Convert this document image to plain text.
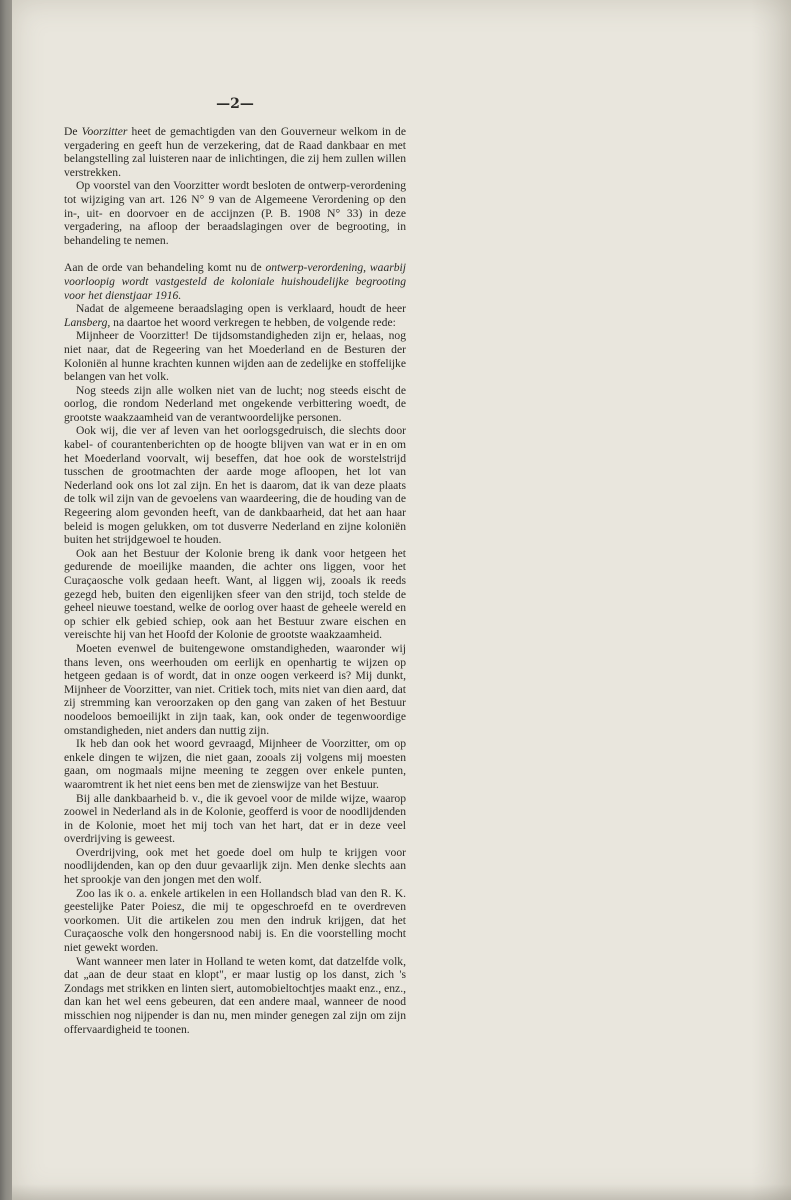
—2—

De Voorzitter heet de gemachtigden van den Gouverneur welkom in de vergadering en geeft hun de verzekering, dat de Raad dankbaar en met belangstelling zal luisteren naar de inlichtingen, die zij hem zullen willen verstrekken.

Op voorstel van den Voorzitter wordt besloten de ontwerp-verordening tot wijziging van art. 126 N° 9 van de Algemeene Verordening op den in-, uit- en doorvoer en de accijnzen (P. B. 1908 N° 33) in deze vergadering, na afloop der beraadslagingen over de begrooting, in behandeling te nemen.

Aan de orde van behandeling komt nu de ontwerp-verordening, waarbij voorloopig wordt vastgesteld de koloniale huishoudelijke begrooting voor het dienstjaar 1916.

Nadat de algemeene beraadslaging open is verklaard, houdt de heer Lansberg, na daartoe het woord verkregen te hebben, de volgende rede:

Mijnheer de Voorzitter! De tijdsomstandigheden zijn er, helaas, nog niet naar, dat de Regeering van het Moederland en de Besturen der Koloniën al hunne krachten kunnen wijden aan de zedelijke en stoffelijke belangen van het volk.

Nog steeds zijn alle wolken niet van de lucht; nog steeds eischt de oorlog, die rondom Nederland met ongekende verbittering woedt, de grootste waakzaamheid van de verantwoordelijke personen.

Ook wij, die ver af leven van het oorlogsgedruisch, die slechts door kabel- of courantenberichten op de hoogte blijven van wat er in en om het Moederland voorvalt, wij beseffen, dat hoe ook de worstelstrijd tusschen de grootmachten der aarde moge afloopen, het lot van Nederland ook ons lot zal zijn. En het is daarom, dat ik van deze plaats de tolk wil zijn van de gevoelens van waardeering, die de houding van de Regeering alom gevonden heeft, van de dankbaarheid, dat het aan haar beleid is mogen gelukken, om tot dusverre Nederland en zijne koloniën buiten het strijdgewoel te houden.

Ook aan het Bestuur der Kolonie breng ik dank voor hetgeen het gedurende de moeilijke maanden, die achter ons liggen, voor het Curaçaosche volk gedaan heeft. Want, al liggen wij, zooals ik reeds gezegd heb, buiten den eigenlijken sfeer van den strijd, toch stelde de geheel nieuwe toestand, welke de oorlog over haast de geheele wereld en op schier elk gebied schiep, ook aan het Bestuur zware eischen en vereischte hij van het Hoofd der Kolonie de grootste waakzaamheid.

Moeten evenwel de buitengewone omstandigheden, waaronder wij thans leven, ons weerhouden om eerlijk en openhartig te wijzen op hetgeen gedaan is of wordt, dat in onze oogen verkeerd is? Mij dunkt, Mijnheer de Voorzitter, van niet. Critiek toch, mits niet van dien aard, dat zij stremming kan veroorzaken op den gang van zaken of het Bestuur noodeloos bemoeilijkt in zijn taak, kan, ook onder de tegenwoordige omstandigheden, niet anders dan nuttig zijn.

Ik heb dan ook het woord gevraagd, Mijnheer de Voorzitter, om op enkele dingen te wijzen, die niet gaan, zooals zij volgens mij moesten gaan, om nogmaals mijne meening te zeggen over enkele punten, waaromtrent ik het niet eens ben met de zienswijze van het Bestuur.

Bij alle dankbaarheid b. v., die ik gevoel voor de milde wijze, waarop zoowel in Nederland als in de Kolonie, geofferd is voor de noodlijdenden in de Kolonie, moet het mij toch van het hart, dat er in deze veel overdrijving is geweest.

Overdrijving, ook met het goede doel om hulp te krijgen voor noodlijdenden, kan op den duur gevaarlijk zijn. Men denke slechts aan het sprookje van den jongen met den wolf.

Zoo las ik o. a. enkele artikelen in een Hollandsch blad van den R. K. geestelijke Pater Poiesz, die mij te opgeschroefd en te overdreven voorkomen. Uit die artikelen zou men den indruk krijgen, dat het Curaçaosche volk den hongersnood nabij is. En die voorstelling mocht niet gewekt worden.

Want wanneer men later in Holland te weten komt, dat datzelfde volk, dat „aan de deur staat en klopt", er maar lustig op los danst, zich 's Zondags met strikken en linten siert, automobieltochtjes maakt enz., enz., dan kan het wel eens gebeuren, dat een andere maal, wanneer de nood misschien nog nijpender is dan nu, men minder genegen zal zijn om zijn offervaardigheid te toonen.
